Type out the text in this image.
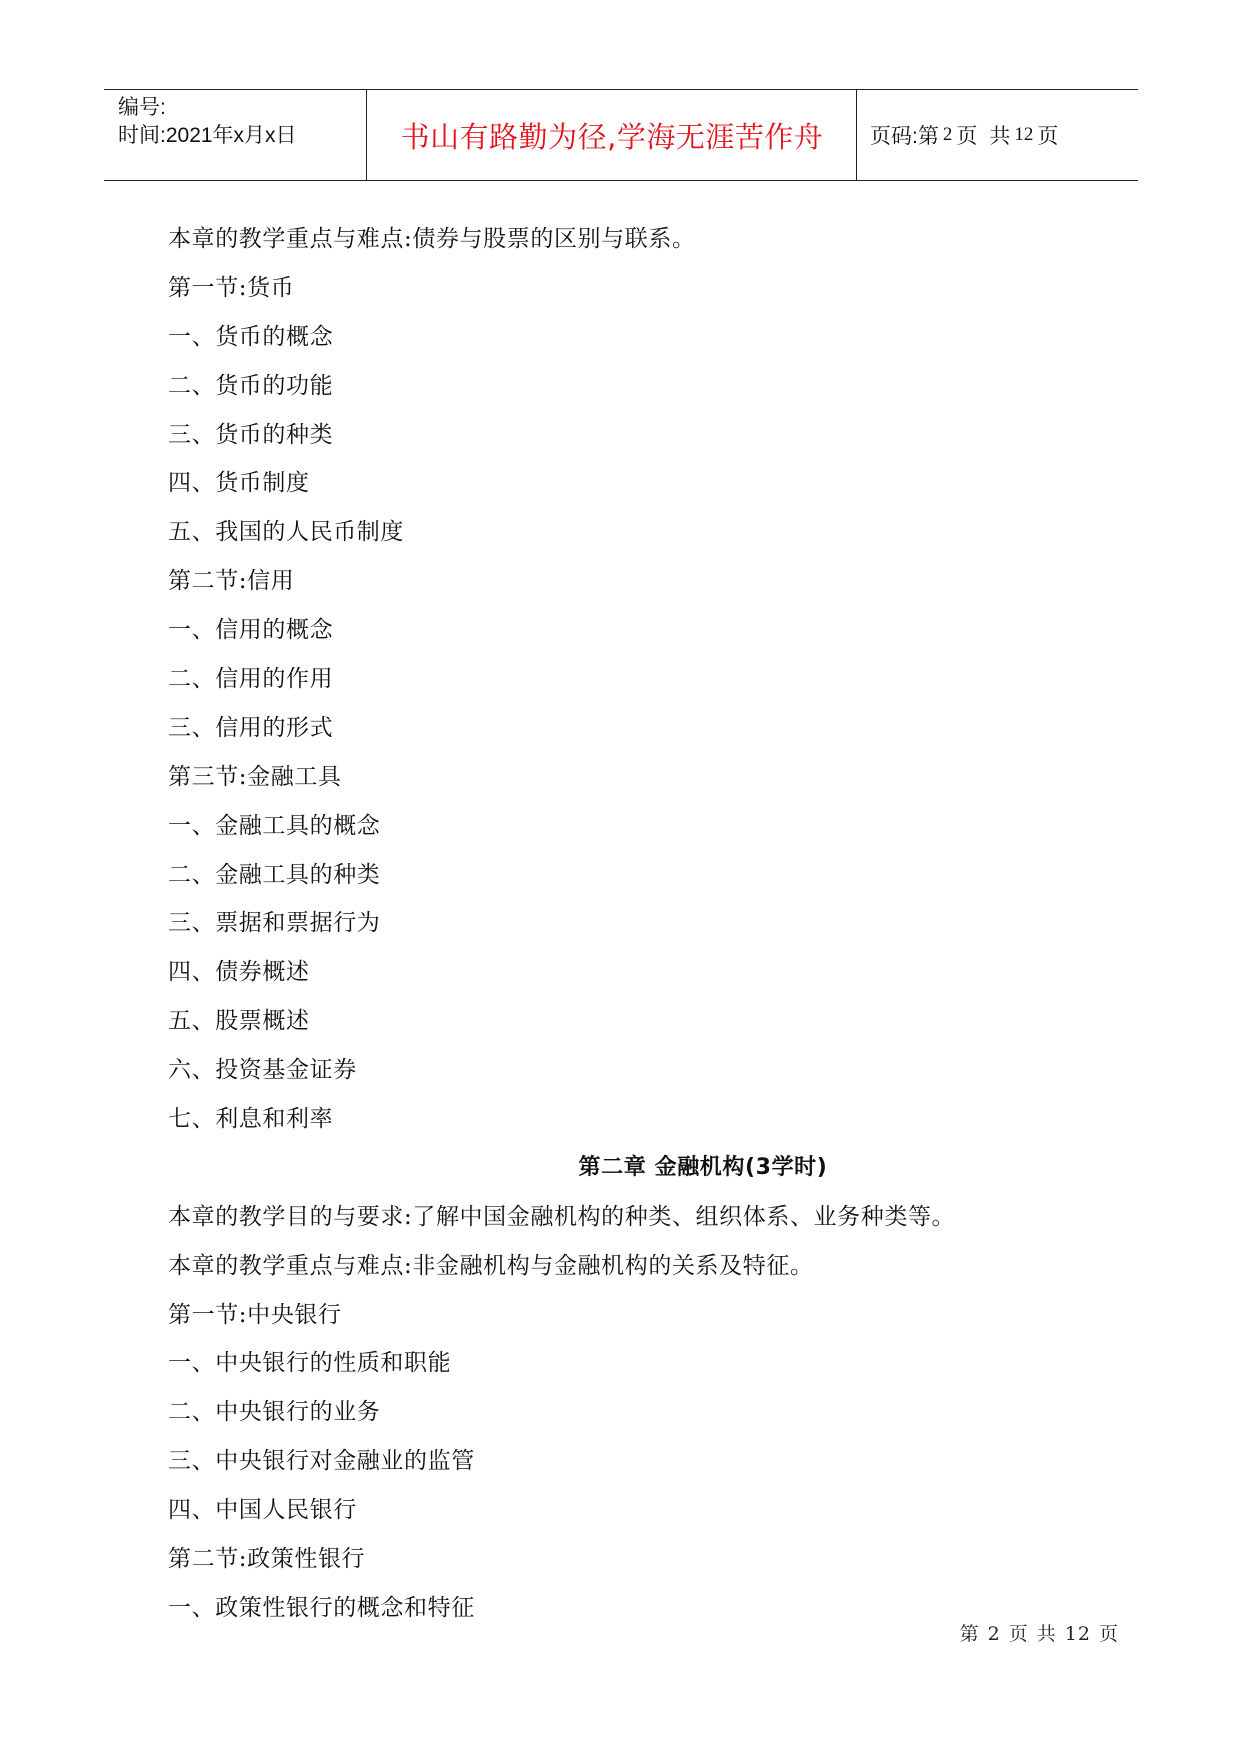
编号:
时间:2021年x月x日	书山有路勤为径,学海无涯苦作舟	页码:第 2 页 共 12 页
本章的教学重点与难点:债券与股票的区别与联系。
第一节:货币
一、货币的概念
二、货币的功能
三、货币的种类
四、货币制度
五、我国的人民币制度
第二节:信用
一、信用的概念
二、信用的作用
三、信用的形式
第三节:金融工具
一、金融工具的概念
二、金融工具的种类
三、票据和票据行为
四、债券概述
五、股票概述
六、投资基金证券
七、利息和利率
第二章 金融机构(3学时)
本章的教学目的与要求:了解中国金融机构的种类、组织体系、业务种类等。
本章的教学重点与难点:非金融机构与金融机构的关系及特征。
第一节:中央银行
一、中央银行的性质和职能
二、中央银行的业务
三、中央银行对金融业的监管
四、中国人民银行
第二节:政策性银行
一、政策性银行的概念和特征
第 2 页 共 12 页
